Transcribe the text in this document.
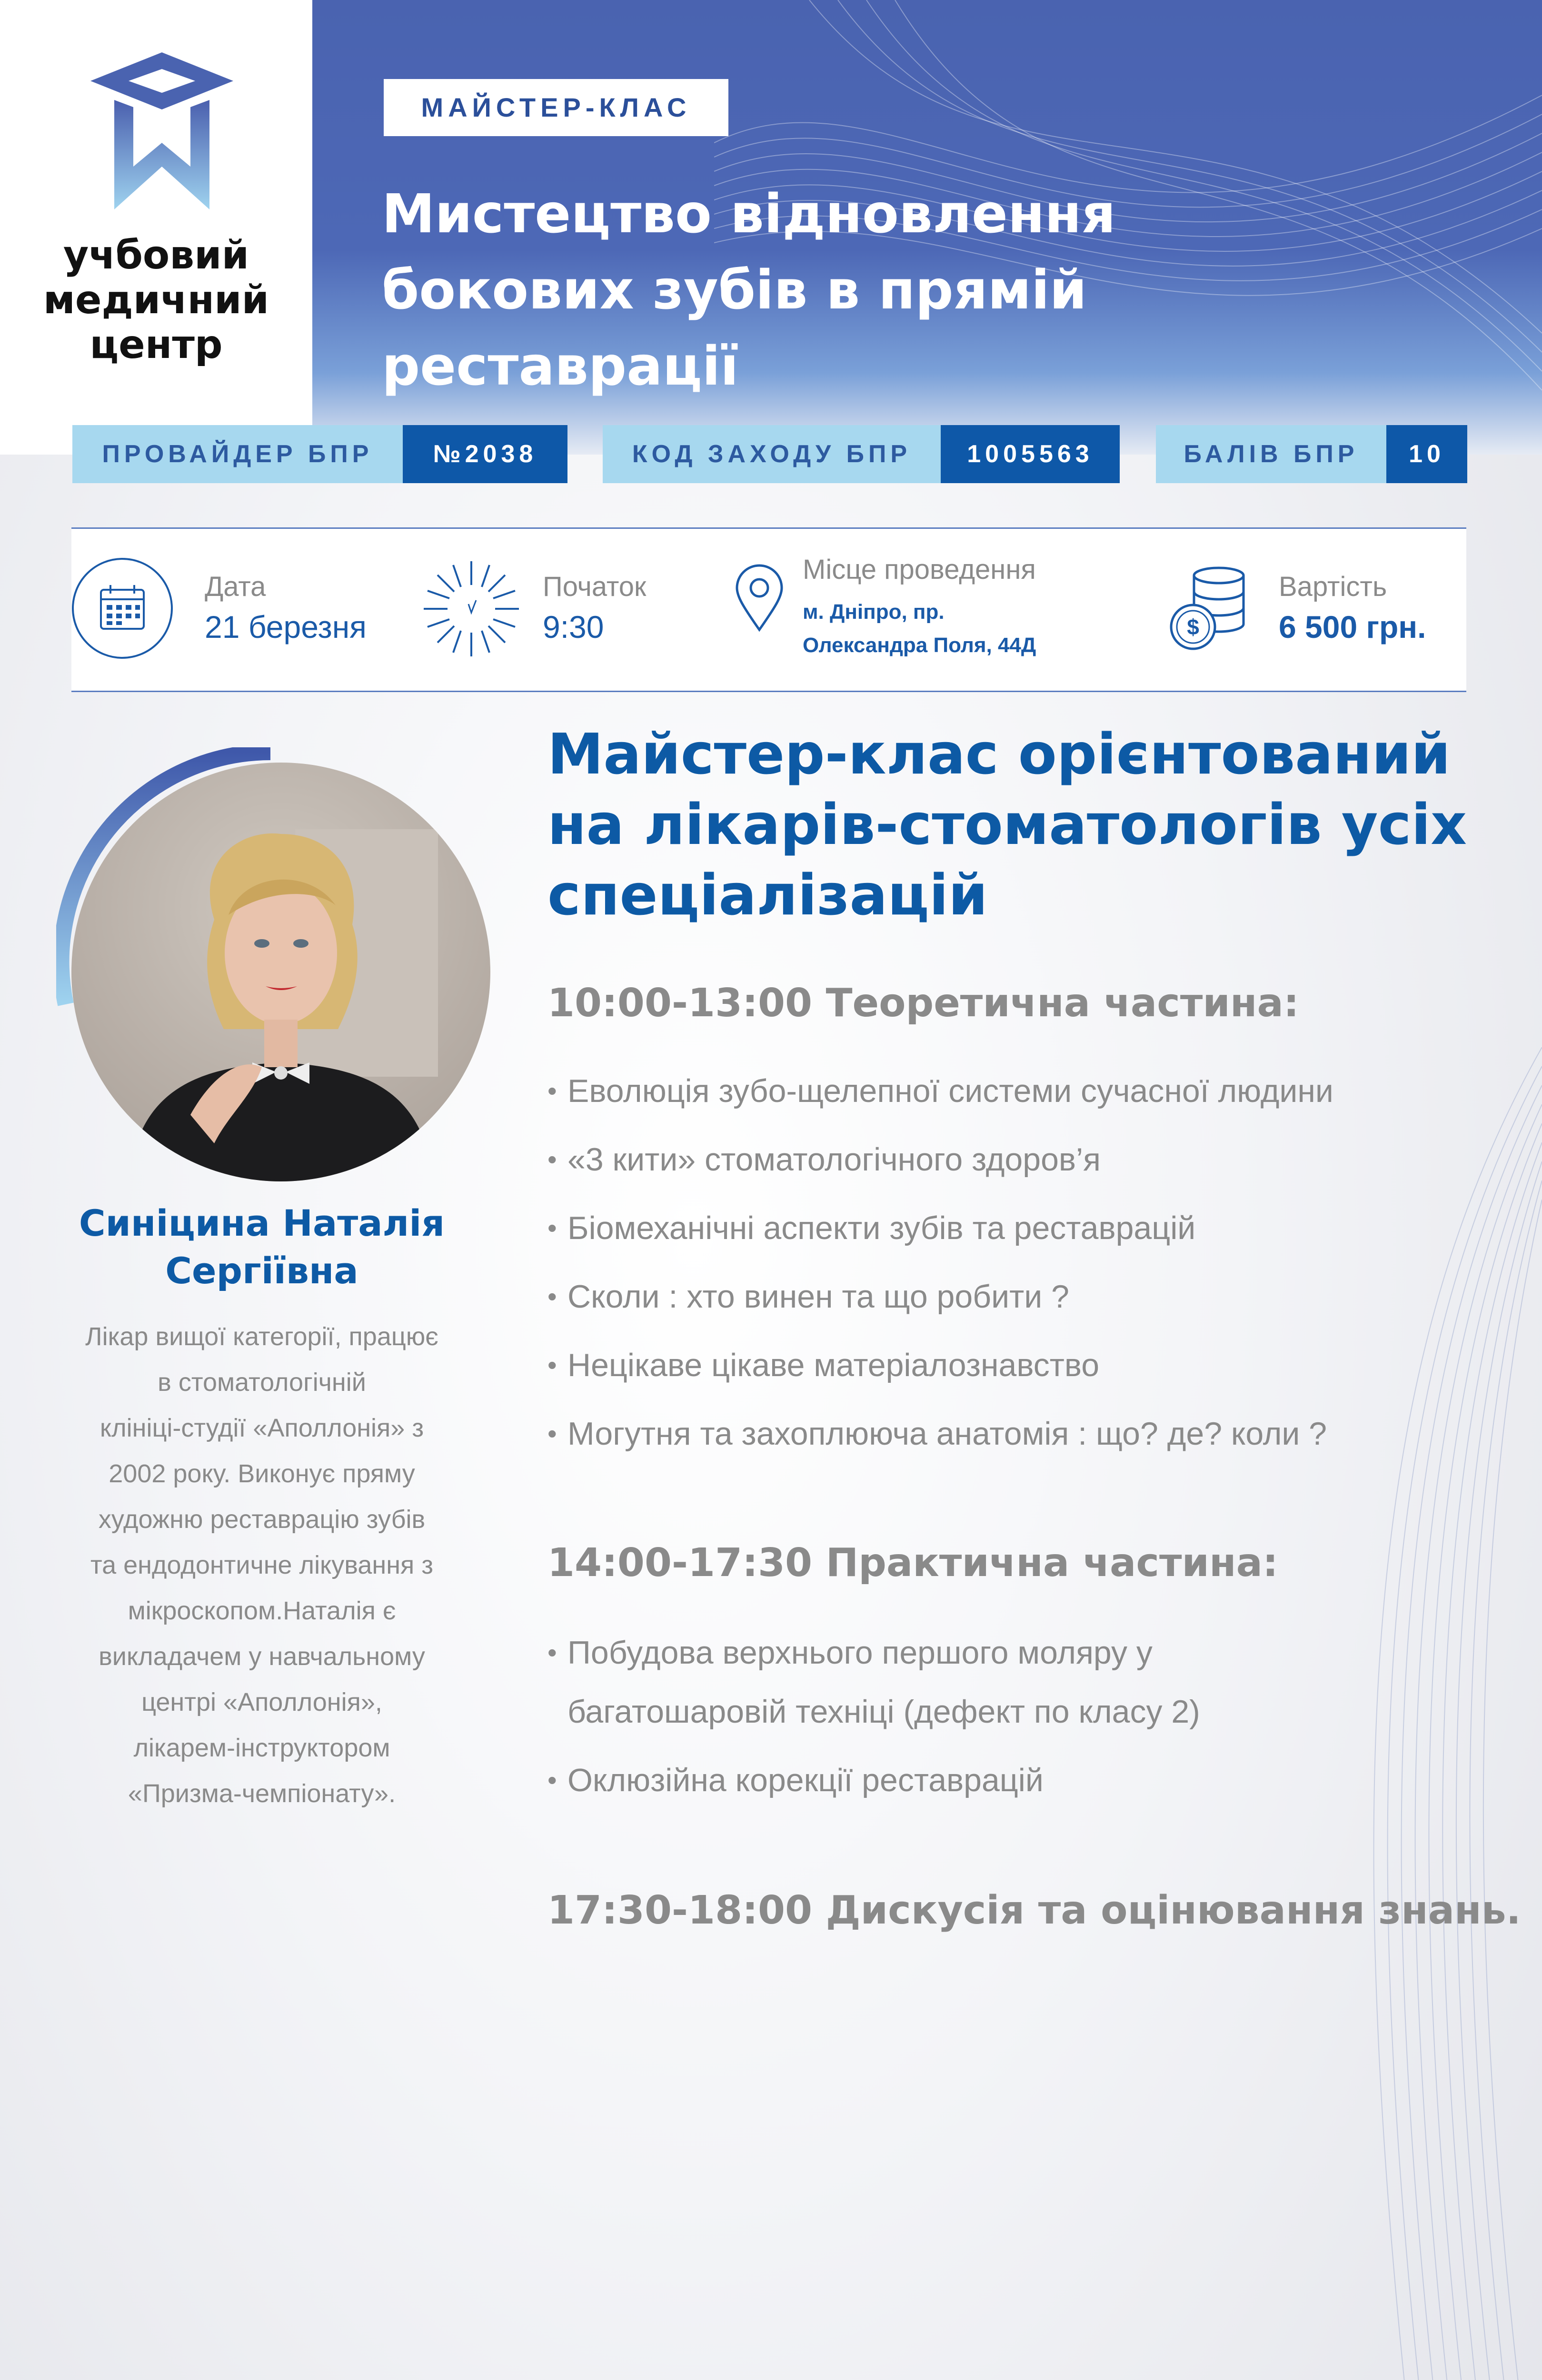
учбовий
медичний
центр
МАЙСТЕР-КЛАС
Мистецтво відновлення
бокових зубів в прямій реставрації
ПРОВАЙДЕР БПР	№2038	КОД ЗАХОДУ БПР	1005563	БАЛІВ БПР	10
Дата
21 березня
Початок
9:30
Місце проведення
м. Дніпро, пр.
Олександра Поля, 44Д
$
Вартість
6 500 грн.
Синіцина Наталія
Сергіївна
Лікар вищої категорії, працює
в стоматологічній
клініці-студії «Аполлонія» з
2002 року. Виконує пряму
художню реставрацію зубів
та ендодонтичне лікування з
мікроскопом.Наталія є
викладачем у навчальному
центрі «Аполлонія»,
лікарем-інструктором
«Призма-чемпіонату».
Майстер-клас орієнтований
на лікарів-стоматологів усіх
спеціалізацій
10:00-13:00 Теоретична частина:
• Еволюція зубо-щелепної системи сучасної людини
• «3 кити» стоматологічного здоров’я
• Біомеханічні аспекти зубів та реставрацій
• Сколи : хто винен та що робити ?
• Нецікаве цікаве матеріалознавство
• Могутня та захоплююча анатомія : що? де? коли ?
14:00-17:30 Практична частина:
• Побудова верхнього першого моляру у багатошаровій техніці (дефект по класу 2)
• Оклюзійна корекції реставрацій
17:30-18:00 Дискусія та оцінювання знань.
